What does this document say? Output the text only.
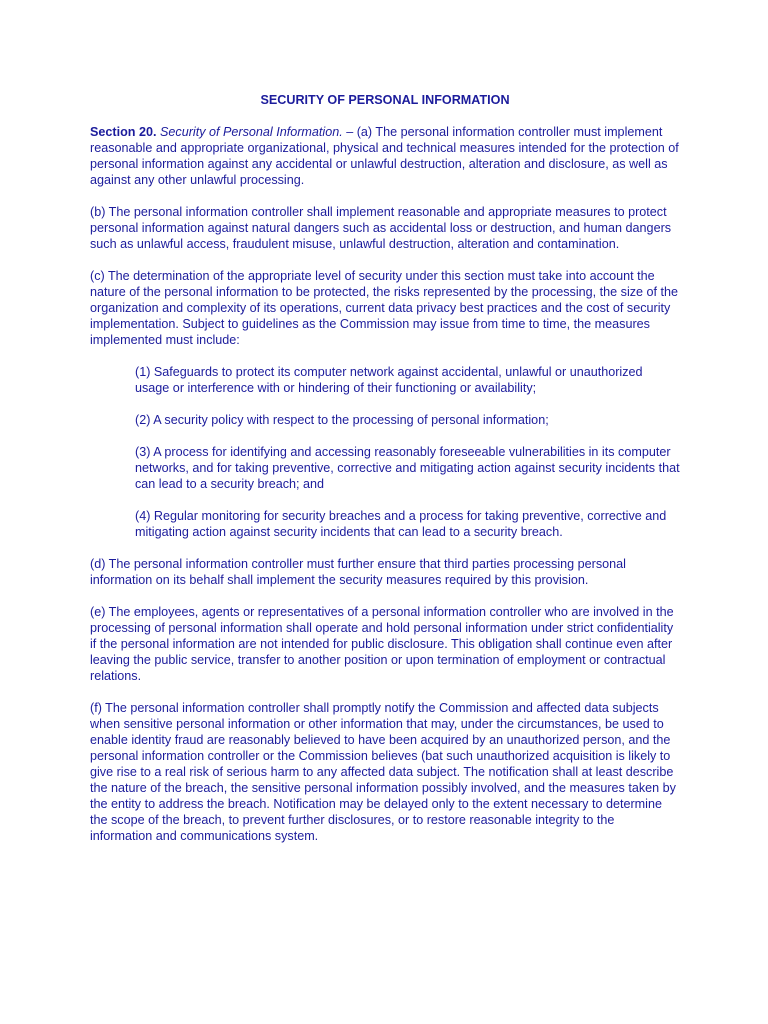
SECURITY OF PERSONAL INFORMATION

Section 20. Security of Personal Information. – (a) The personal information controller must implement reasonable and appropriate organizational, physical and technical measures intended for the protection of personal information against any accidental or unlawful destruction, alteration and disclosure, as well as against any other unlawful processing.

(b) The personal information controller shall implement reasonable and appropriate measures to protect personal information against natural dangers such as accidental loss or destruction, and human dangers such as unlawful access, fraudulent misuse, unlawful destruction, alteration and contamination.

(c) The determination of the appropriate level of security under this section must take into account the nature of the personal information to be protected, the risks represented by the processing, the size of the organization and complexity of its operations, current data privacy best practices and the cost of security implementation. Subject to guidelines as the Commission may issue from time to time, the measures implemented must include:

(1) Safeguards to protect its computer network against accidental, unlawful or unauthorized usage or interference with or hindering of their functioning or availability;

(2) A security policy with respect to the processing of personal information;

(3) A process for identifying and accessing reasonably foreseeable vulnerabilities in its computer networks, and for taking preventive, corrective and mitigating action against security incidents that can lead to a security breach; and

(4) Regular monitoring for security breaches and a process for taking preventive, corrective and mitigating action against security incidents that can lead to a security breach.

(d) The personal information controller must further ensure that third parties processing personal information on its behalf shall implement the security measures required by this provision.

(e) The employees, agents or representatives of a personal information controller who are involved in the processing of personal information shall operate and hold personal information under strict confidentiality if the personal information are not intended for public disclosure. This obligation shall continue even after leaving the public service, transfer to another position or upon termination of employment or contractual relations.

(f) The personal information controller shall promptly notify the Commission and affected data subjects when sensitive personal information or other information that may, under the circumstances, be used to enable identity fraud are reasonably believed to have been acquired by an unauthorized person, and the personal information controller or the Commission believes (bat such unauthorized acquisition is likely to give rise to a real risk of serious harm to any affected data subject. The notification shall at least describe the nature of the breach, the sensitive personal information possibly involved, and the measures taken by the entity to address the breach. Notification may be delayed only to the extent necessary to determine the scope of the breach, to prevent further disclosures, or to restore reasonable integrity to the information and communications system.
